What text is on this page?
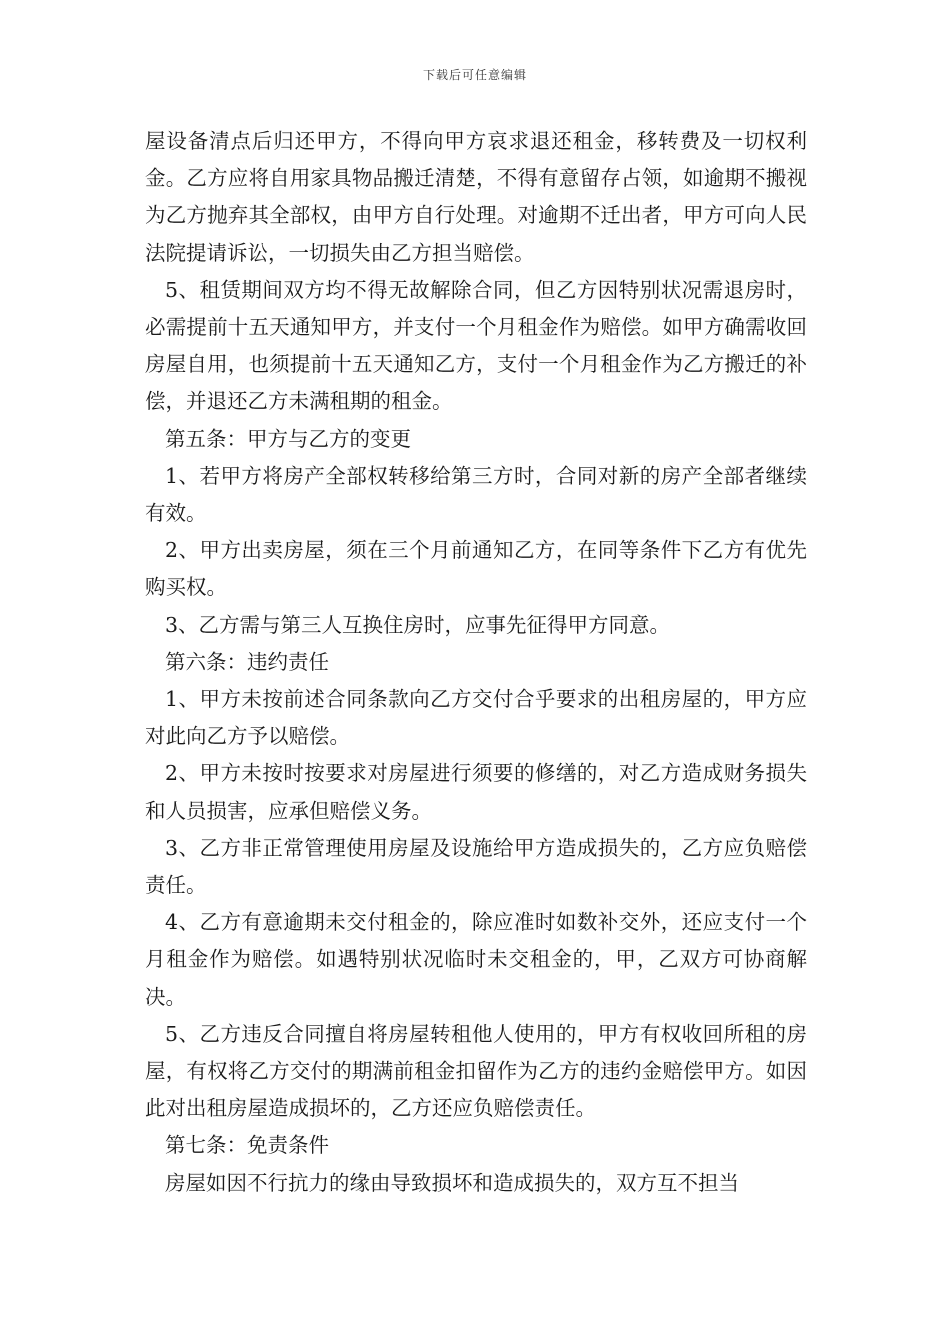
下载后可任意编辑

屋设备清点后归还甲方，不得向甲方哀求退还租金，移转费及一切权利金。乙方应将自用家具物品搬迁清楚，不得有意留存占领，如逾期不搬视为乙方抛弃其全部权，由甲方自行处理。对逾期不迁出者，甲方可向人民法院提请诉讼，一切损失由乙方担当赔偿。

5、租赁期间双方均不得无故解除合同，但乙方因特别状况需退房时，必需提前十五天通知甲方，并支付一个月租金作为赔偿。如甲方确需收回房屋自用，也须提前十五天通知乙方，支付一个月租金作为乙方搬迁的补偿，并退还乙方未满租期的租金。

第五条：甲方与乙方的变更

1、若甲方将房产全部权转移给第三方时，合同对新的房产全部者继续有效。

2、甲方出卖房屋，须在三个月前通知乙方，在同等条件下乙方有优先购买权。

3、乙方需与第三人互换住房时，应事先征得甲方同意。

第六条：违约责任

1、甲方未按前述合同条款向乙方交付合乎要求的出租房屋的，甲方应对此向乙方予以赔偿。

2、甲方未按时按要求对房屋进行须要的修缮的，对乙方造成财务损失和人员损害，应承但赔偿义务。

3、乙方非正常管理使用房屋及设施给甲方造成损失的，乙方应负赔偿责任。

4、乙方有意逾期未交付租金的，除应准时如数补交外，还应支付一个月租金作为赔偿。如遇特别状况临时未交租金的，甲，乙双方可协商解决。

5、乙方违反合同擅自将房屋转租他人使用的，甲方有权收回所租的房屋，有权将乙方交付的期满前租金扣留作为乙方的违约金赔偿甲方。如因此对出租房屋造成损坏的，乙方还应负赔偿责任。

第七条：免责条件

房屋如因不行抗力的缘由导致损坏和造成损失的，双方互不担当
